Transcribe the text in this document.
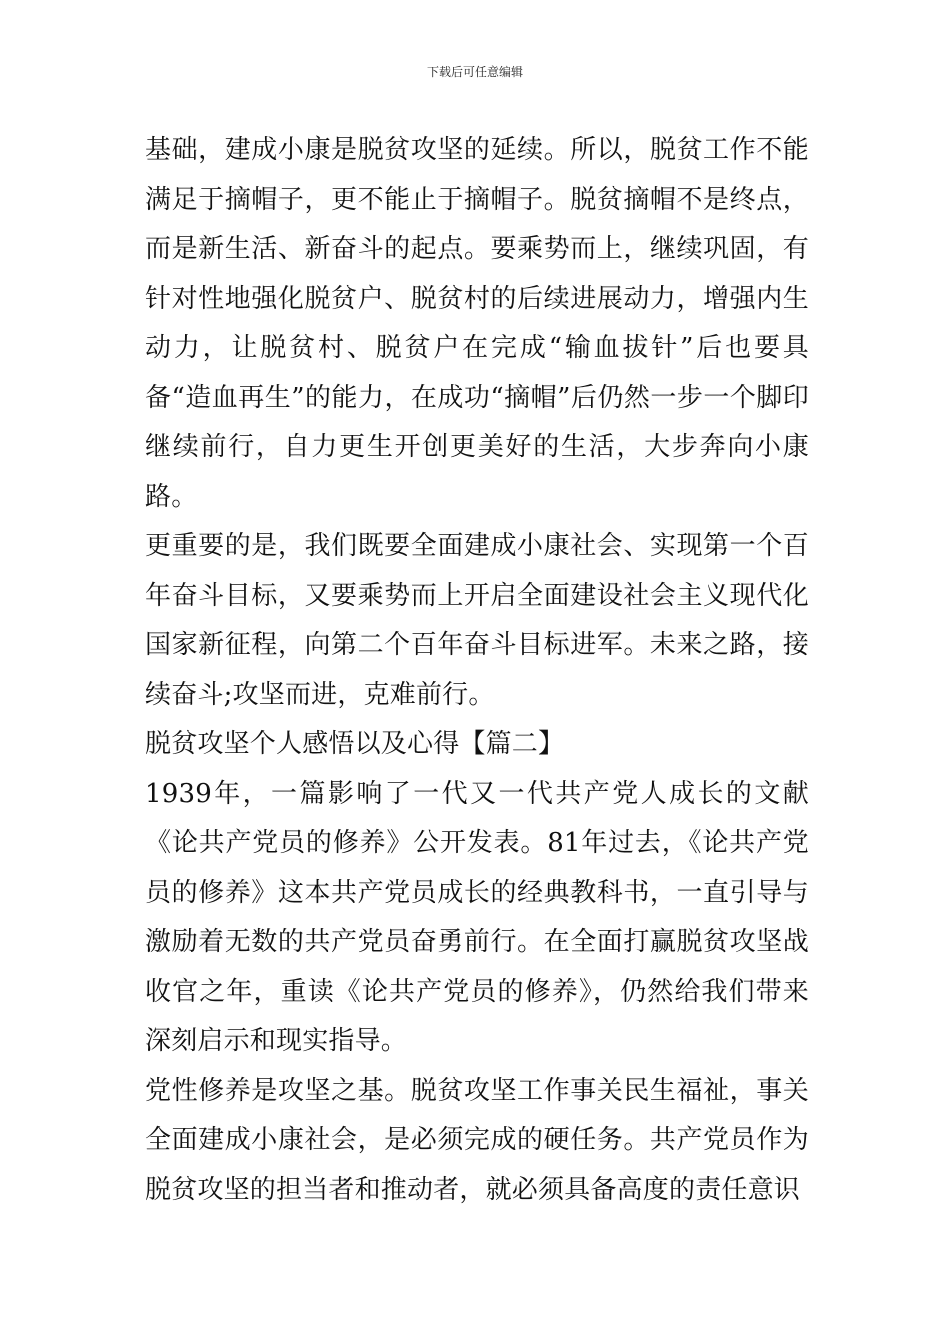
下载后可任意编辑

基础，建成小康是脱贫攻坚的延续。所以，脱贫工作不能满足于摘帽子，更不能止于摘帽子。脱贫摘帽不是终点，而是新生活、新奋斗的起点。要乘势而上，继续巩固，有针对性地强化脱贫户、脱贫村的后续进展动力，增强内生动力，让脱贫村、脱贫户在完成“输血拔针”后也要具备“造血再生”的能力，在成功“摘帽”后仍然一步一个脚印继续前行，自力更生开创更美好的生活，大步奔向小康路。

更重要的是，我们既要全面建成小康社会、实现第一个百年奋斗目标，又要乘势而上开启全面建设社会主义现代化国家新征程，向第二个百年奋斗目标进军。未来之路，接续奋斗;攻坚而进，克难前行。

脱贫攻坚个人感悟以及心得【篇二】

1939年，一篇影响了一代又一代共产党人成长的文献《论共产党员的修养》公开发表。81年过去，《论共产党员的修养》这本共产党员成长的经典教科书，一直引导与激励着无数的共产党员奋勇前行。在全面打赢脱贫攻坚战收官之年，重读《论共产党员的修养》，仍然给我们带来深刻启示和现实指导。

党性修养是攻坚之基。脱贫攻坚工作事关民生福祉，事关全面建成小康社会，是必须完成的硬任务。共产党员作为脱贫攻坚的担当者和推动者，就必须具备高度的责任意识
